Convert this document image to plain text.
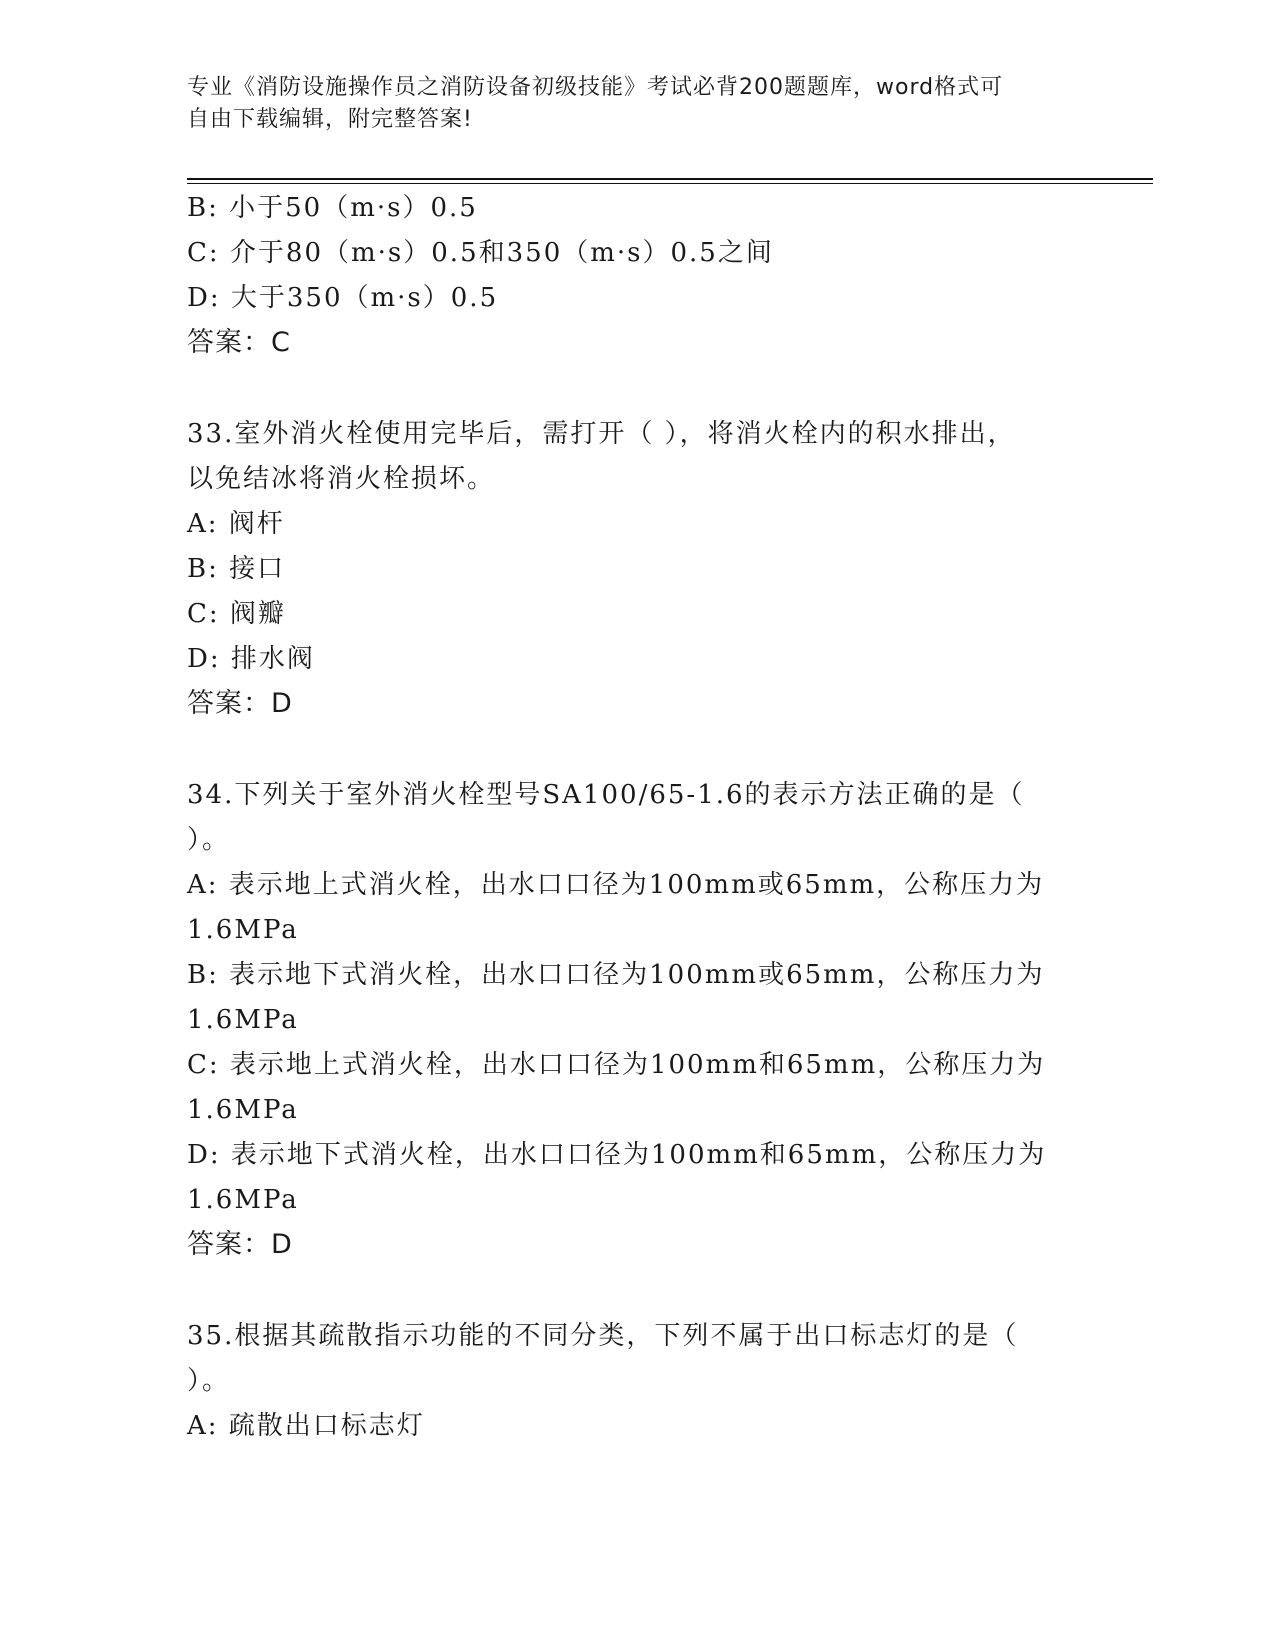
专业《消防设施操作员之消防设备初级技能》考试必背200题题库，word格式可
自由下载编辑，附完整答案!
B: 小于50（m·s）0.5
C: 介于80（m·s）0.5和350（m·s）0.5之间
D: 大于350（m·s）0.5
答案：C
33.室外消火栓使用完毕后，需打开（ ），将消火栓内的积水排出，
以免结冰将消火栓损坏。
A: 阀杆
B: 接口
C: 阀瓣
D: 排水阀
答案：D
34.下列关于室外消火栓型号SA100/65-1.6的表示方法正确的是（
）。
A: 表示地上式消火栓，出水口口径为100mm或65mm，公称压力为
1.6MPa
B: 表示地下式消火栓，出水口口径为100mm或65mm，公称压力为
1.6MPa
C: 表示地上式消火栓，出水口口径为100mm和65mm，公称压力为
1.6MPa
D: 表示地下式消火栓，出水口口径为100mm和65mm，公称压力为
1.6MPa
答案：D
35.根据其疏散指示功能的不同分类，下列不属于出口标志灯的是（
）。
A: 疏散出口标志灯
